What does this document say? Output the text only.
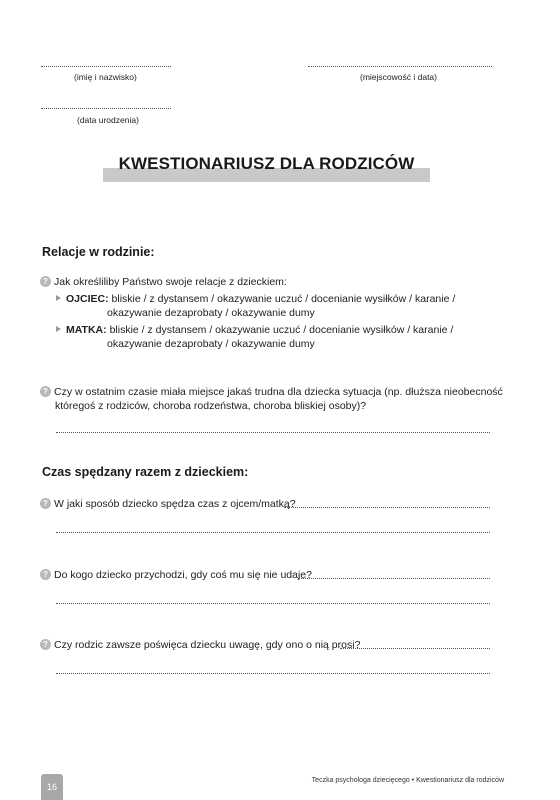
(imię i nazwisko)	(miejscowość i data)
(data urodzenia)
KWESTIONARIUSZ DLA RODZICÓW
Relacje w rodzinie:
? Jak określiliby Państwo swoje relacje z dzieckiem:
OJCIEC: bliskie / z dystansem / okazywanie uczuć / docenianie wysiłków / karanie /
okazywanie dezaprobaty / okazywanie dumy
MATKA: bliskie / z dystansem / okazywanie uczuć / docenianie wysiłków / karanie /
okazywanie dezaprobaty / okazywanie dumy
? Czy w ostatnim czasie miała miejsce jakaś trudna dla dziecka sytuacja (np. dłuższa nieobecność
któregoś z rodziców, choroba rodzeństwa, choroba bliskiej osoby)?
Czas spędzany razem z dzieckiem:
? W jaki sposób dziecko spędza czas z ojcem/matką?
? Do kogo dziecko przychodzi, gdy coś mu się nie udaje?
? Czy rodzic zawsze poświęca dziecku uwagę, gdy ono o nią prosi?
16
Teczka psychologa dziecięcego • Kwestionariusz dla rodziców
